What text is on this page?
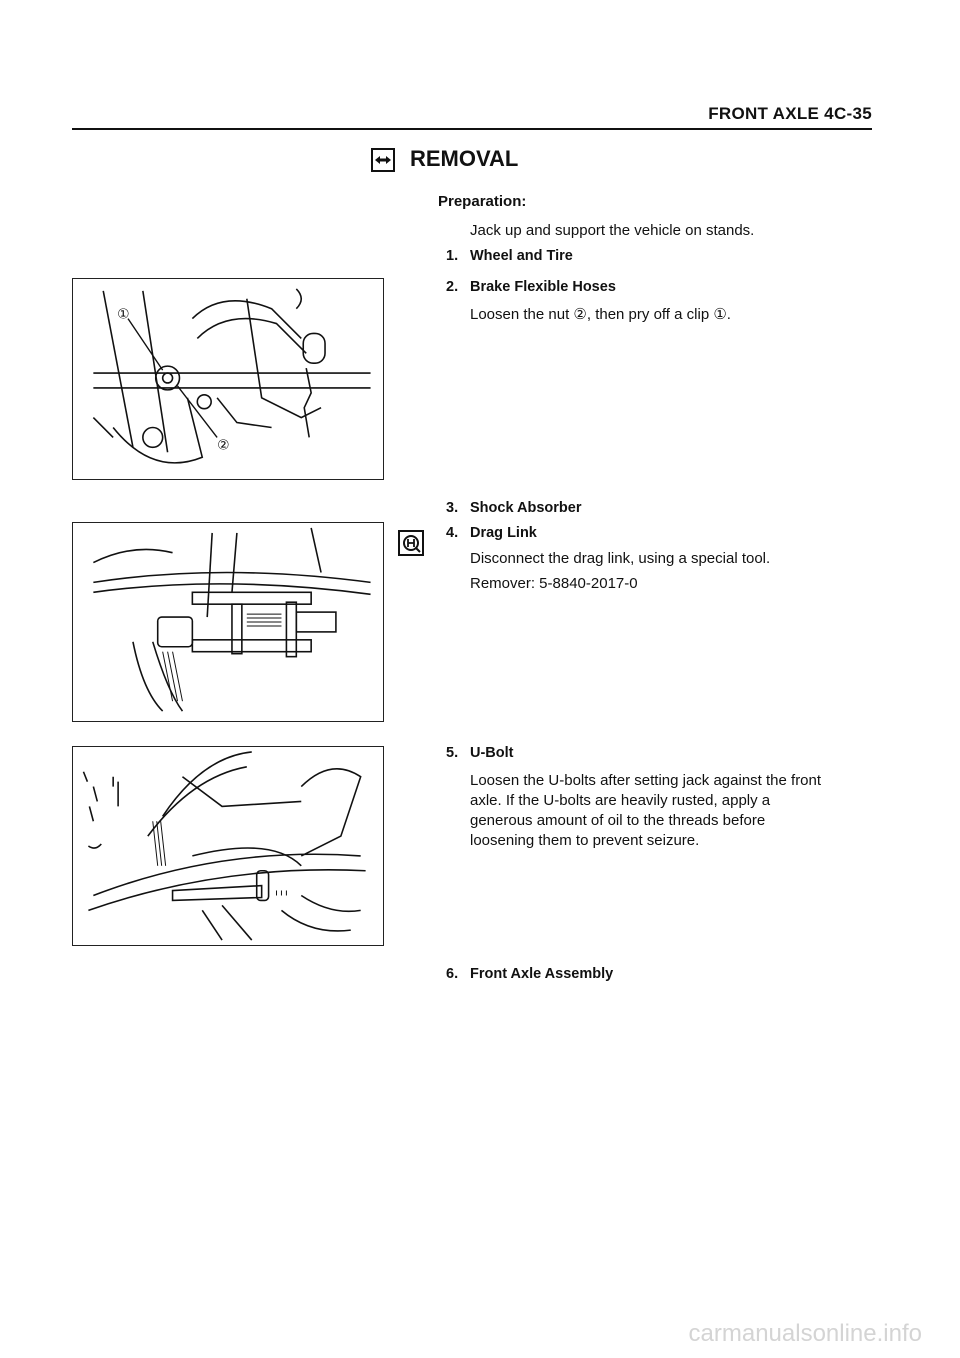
FRONT AXLE 4C-35
REMOVAL
Preparation:
Jack up and support the vehicle on stands.
1. Wheel and Tire
2. Brake Flexible Hoses
Loosen the nut ②, then pry off a clip ①.
①
②
3. Shock Absorber
4. Drag Link
Disconnect the drag link, using a special tool.
Remover: 5-8840-2017-0
5. U-Bolt
Loosen the U-bolts after setting jack against the front
axle. If the U-bolts are heavily rusted, apply a
generous amount of oil to the threads before
loosening them to prevent seizure.
6. Front Axle Assembly
carmanualsonline.info
